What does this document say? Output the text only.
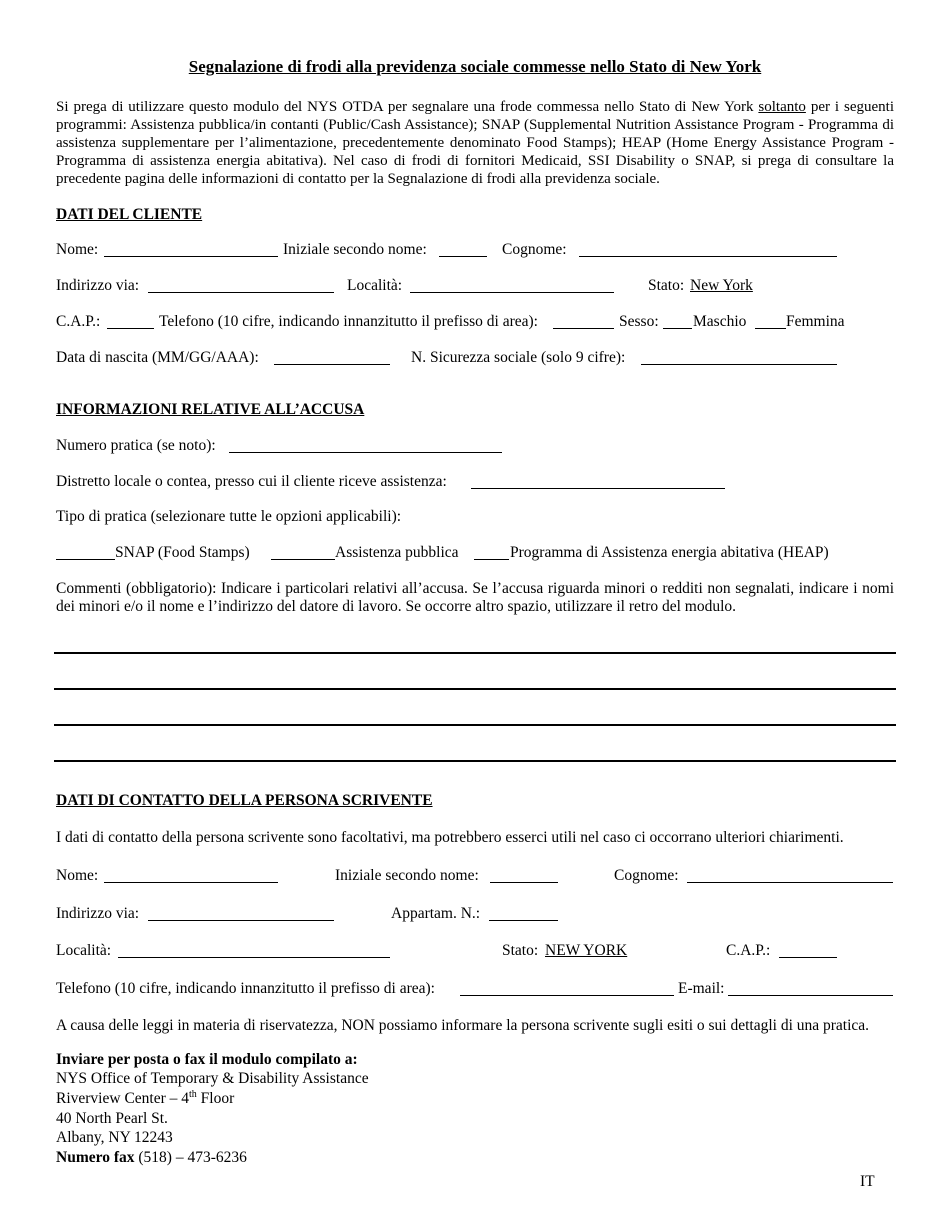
Segnalazione di frodi alla previdenza sociale commesse nello Stato di New York
Si prega di utilizzare questo modulo del NYS OTDA per segnalare una frode commessa nello Stato di New York soltanto per i seguenti programmi: Assistenza pubblica/in contanti (Public/Cash Assistance); SNAP (Supplemental Nutrition Assistance Program - Programma di assistenza supplementare per l’alimentazione, precedentemente denominato Food Stamps); HEAP (Home Energy Assistance Program - Programma di assistenza energia abitativa). Nel caso di frodi di fornitori Medicaid, SSI Disability o SNAP, si prega di consultare la precedente pagina delle informazioni di contatto per la Segnalazione di frodi alla previdenza sociale.
DATI DEL CLIENTE
Nome:	Iniziale secondo nome:	Cognome:
Indirizzo via:	Località:	Stato: New York
C.A.P.:	Telefono (10 cifre, indicando innanzitutto il prefisso di area):	Sesso: Maschio	Femmina
Data di nascita (MM/GG/AAA):	N. Sicurezza sociale (solo 9 cifre):
INFORMAZIONI RELATIVE ALL’ACCUSA
Numero pratica (se noto):
Distretto locale o contea, presso cui il cliente riceve assistenza:
Tipo di pratica (selezionare tutte le opzioni applicabili):
SNAP (Food Stamps)	Assistenza pubblica	Programma di Assistenza energia abitativa (HEAP)
Commenti (obbligatorio): Indicare i particolari relativi all’accusa. Se l’accusa riguarda minori o redditi non segnalati, indicare i nomi dei minori e/o il nome e l’indirizzo del datore di lavoro. Se occorre altro spazio, utilizzare il retro del modulo.
DATI DI CONTATTO DELLA PERSONA SCRIVENTE
I dati di contatto della persona scrivente sono facoltativi, ma potrebbero esserci utili nel caso ci occorrano ulteriori chiarimenti.
Nome:	Iniziale secondo nome:	Cognome:
Indirizzo via:	Appartam. N.:
Località:	Stato: NEW YORK	C.A.P.:
Telefono (10 cifre, indicando innanzitutto il prefisso di area):	E-mail:
A causa delle leggi in materia di riservatezza, NON possiamo informare la persona scrivente sugli esiti o sui dettagli di una pratica.
Inviare per posta o fax il modulo compilato a:
NYS Office of Temporary & Disability Assistance
Riverview Center – 4th Floor
40 North Pearl St.
Albany, NY 12243
Numero fax (518) – 473-6236
IT
